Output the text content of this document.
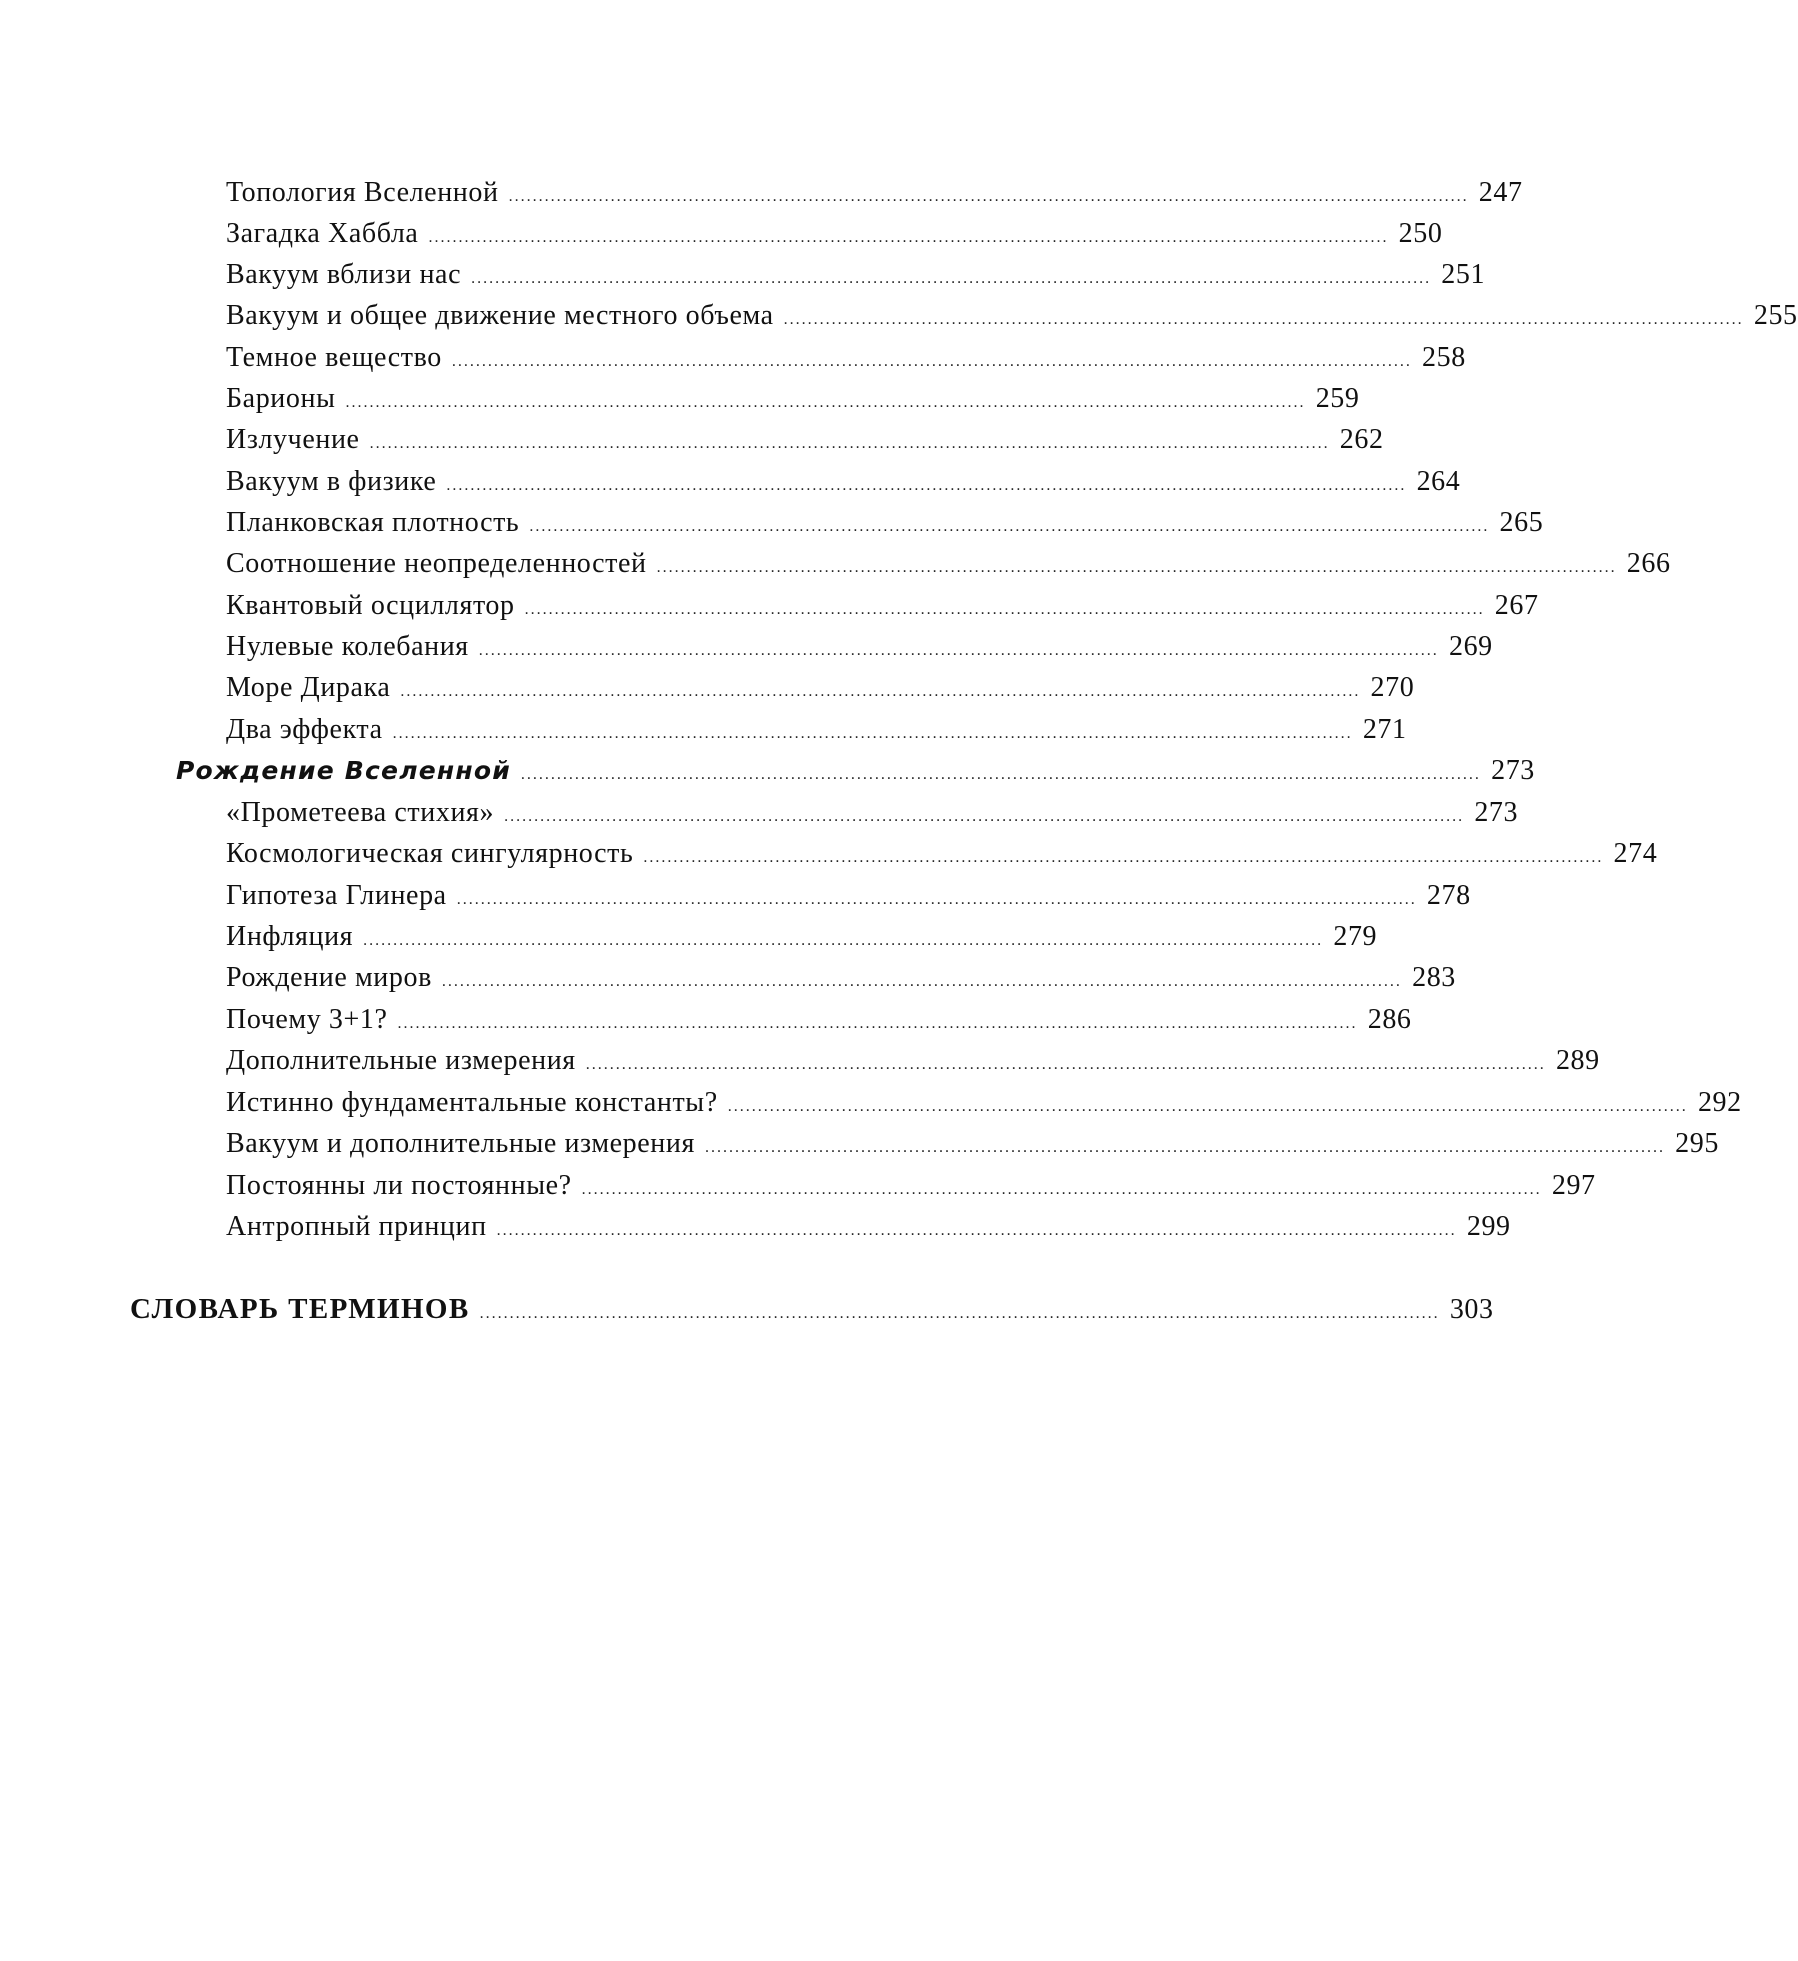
Топология Вселенной ................................................................................................................................................................ 247
Загадка Хаббла ................................................................................................................................................................ 250
Вакуум вблизи нас ................................................................................................................................................................ 251
Вакуум и общее движение местного объема ................................................................................................................................................................ 255
Темное вещество ................................................................................................................................................................ 258
Барионы ................................................................................................................................................................ 259
Излучение ................................................................................................................................................................ 262
Вакуум в физике ................................................................................................................................................................ 264
Планковская плотность ................................................................................................................................................................ 265
Соотношение неопределенностей ................................................................................................................................................................ 266
Квантовый осциллятор ................................................................................................................................................................ 267
Нулевые колебания ................................................................................................................................................................ 269
Море Дирака ................................................................................................................................................................ 270
Два эффекта ................................................................................................................................................................ 271
Рождение Вселенной ................................................................................................................................................................ 273
«Прометеева стихия» ................................................................................................................................................................ 273
Космологическая сингулярность ................................................................................................................................................................ 274
Гипотеза Глинера ................................................................................................................................................................ 278
Инфляция ................................................................................................................................................................ 279
Рождение миров ................................................................................................................................................................ 283
Почему 3+1? ................................................................................................................................................................ 286
Дополнительные измерения ................................................................................................................................................................ 289
Истинно фундаментальные константы? ................................................................................................................................................................ 292
Вакуум и дополнительные измерения ................................................................................................................................................................ 295
Постоянны ли постоянные? ................................................................................................................................................................ 297
Антропный принцип ................................................................................................................................................................ 299
СЛОВАРЬ ТЕРМИНОВ ................................................................................................................................................................ 303
